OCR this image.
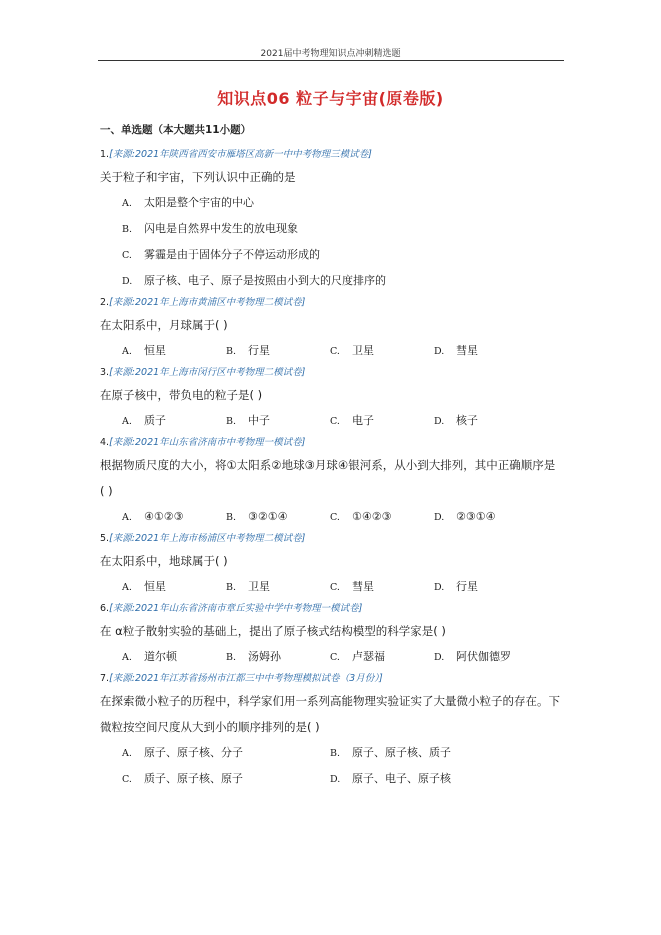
2021届中考物理知识点冲刺精选题
知识点06 粒子与宇宙(原卷版)
一、单选题（本大题共11小题）
1.[来源:2021年陕西省西安市雁塔区高新一中中考物理三模试卷]
关于粒子和宇宙，下列认识中正确的是
A. 太阳是整个宇宙的中心
B. 闪电是自然界中发生的放电现象
C. 雾霾是由于固体分子不停运动形成的
D. 原子核、电子、原子是按照由小到大的尺度排序的
2.[来源:2021年上海市黄浦区中考物理二模试卷]
在太阳系中，月球属于( )
A. 恒星	B. 行星	C. 卫星	D. 彗星
3.[来源:2021年上海市闵行区中考物理二模试卷]
在原子核中，带负电的粒子是( )
A. 质子	B. 中子	C. 电子	D. 核子
4.[来源:2021年山东省济南市中考物理一模试卷]
根据物质尺度的大小，将①太阳系②地球③月球④银河系，从小到大排列，其中正确顺序是
( )
A. ④①②③	B. ③②①④	C. ①④②③	D. ②③①④
5.[来源:2021年上海市杨浦区中考物理二模试卷]
在太阳系中，地球属于( )
A. 恒星	B. 卫星	C. 彗星	D. 行星
6.[来源:2021年山东省济南市章丘实验中学中考物理一模试卷]
在 α粒子散射实验的基础上，提出了原子核式结构模型的科学家是( )
A. 道尔顿	B. 汤姆孙	C. 卢瑟福	D. 阿伏伽德罗
7.[来源:2021年江苏省扬州市江都三中中考物理模拟试卷（3月份）]
在探索微小粒子的历程中，科学家们用一系列高能物理实验证实了大量微小粒子的存在。下
微粒按空间尺度从大到小的顺序排列的是( )
A. 原子、原子核、分子	B. 原子、原子核、质子
C. 质子、原子核、原子	D. 原子、电子、原子核
